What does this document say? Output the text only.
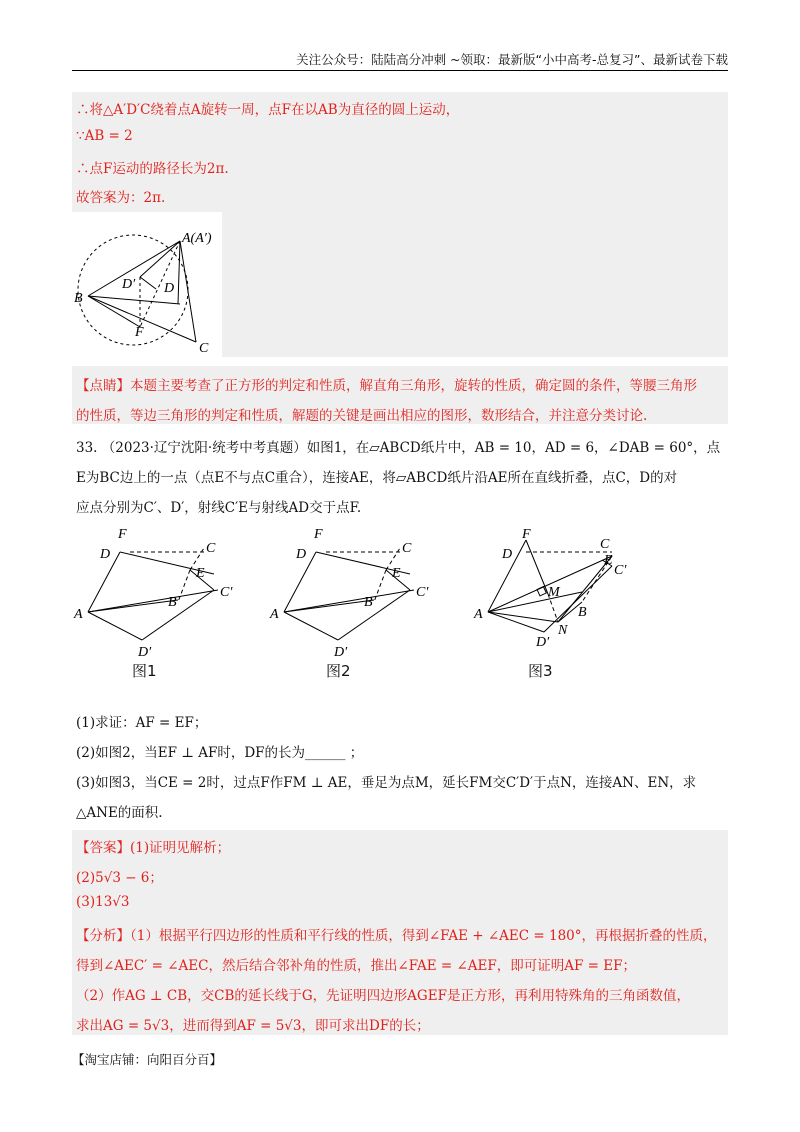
关注公众号：陆陆高分冲刺 ~领取：最新版“小中高考-总复习”、最新试卷下载
∴将△A′D′C绕着点A旋转一周，点F在以AB为直径的圆上运动，
∵AB = 2
∴点F运动的路径长为2π.
故答案为：2π.
A(A′)
D′ D
B
F
C
【点睛】本题主要考查了正方形的判定和性质，解直角三角形，旋转的性质，确定圆的条件，等腰三角形
的性质，等边三角形的判定和性质，解题的关键是画出相应的图形，数形结合，并注意分类讨论.
33. （2023·辽宁沈阳·统考中考真题）如图1，在▱ABCD纸片中，AB = 10，AD = 6，∠DAB = 60°，点
E为BC边上的一点（点E不与点C重合），连接AE，将▱ABCD纸片沿AE所在直线折叠，点C，D的对
应点分别为C′、D′，射线C′E与射线AD交于点F.
F
D	C
E
C′
A
B
D′
F
D	C
E
C′
A
B
D′
F
D
C
E
C′
M
A	B
N
D′
图1	图2	图3
(1)求证：AF = EF；
(2)如图2，当EF ⊥ AF时，DF的长为______ ；
(3)如图3，当CE = 2时，过点F作FM ⊥ AE，垂足为点M，延长FM交C′D′于点N，连接AN、EN，求
△ANE的面积.
【答案】(1)证明见解析；
(2)5√3 − 6；
(3)13√3
【分析】（1）根据平行四边形的性质和平行线的性质，得到∠FAE + ∠AEC = 180°，再根据折叠的性质，
得到∠AEC′ = ∠AEC，然后结合邻补角的性质，推出∠FAE = ∠AEF，即可证明AF = EF；
（2）作AG ⊥ CB，交CB的延长线于G，先证明四边形AGEF是正方形，再利用特殊角的三角函数值，
求出AG = 5√3，进而得到AF = 5√3，即可求出DF的长；
【淘宝店铺：向阳百分百】
